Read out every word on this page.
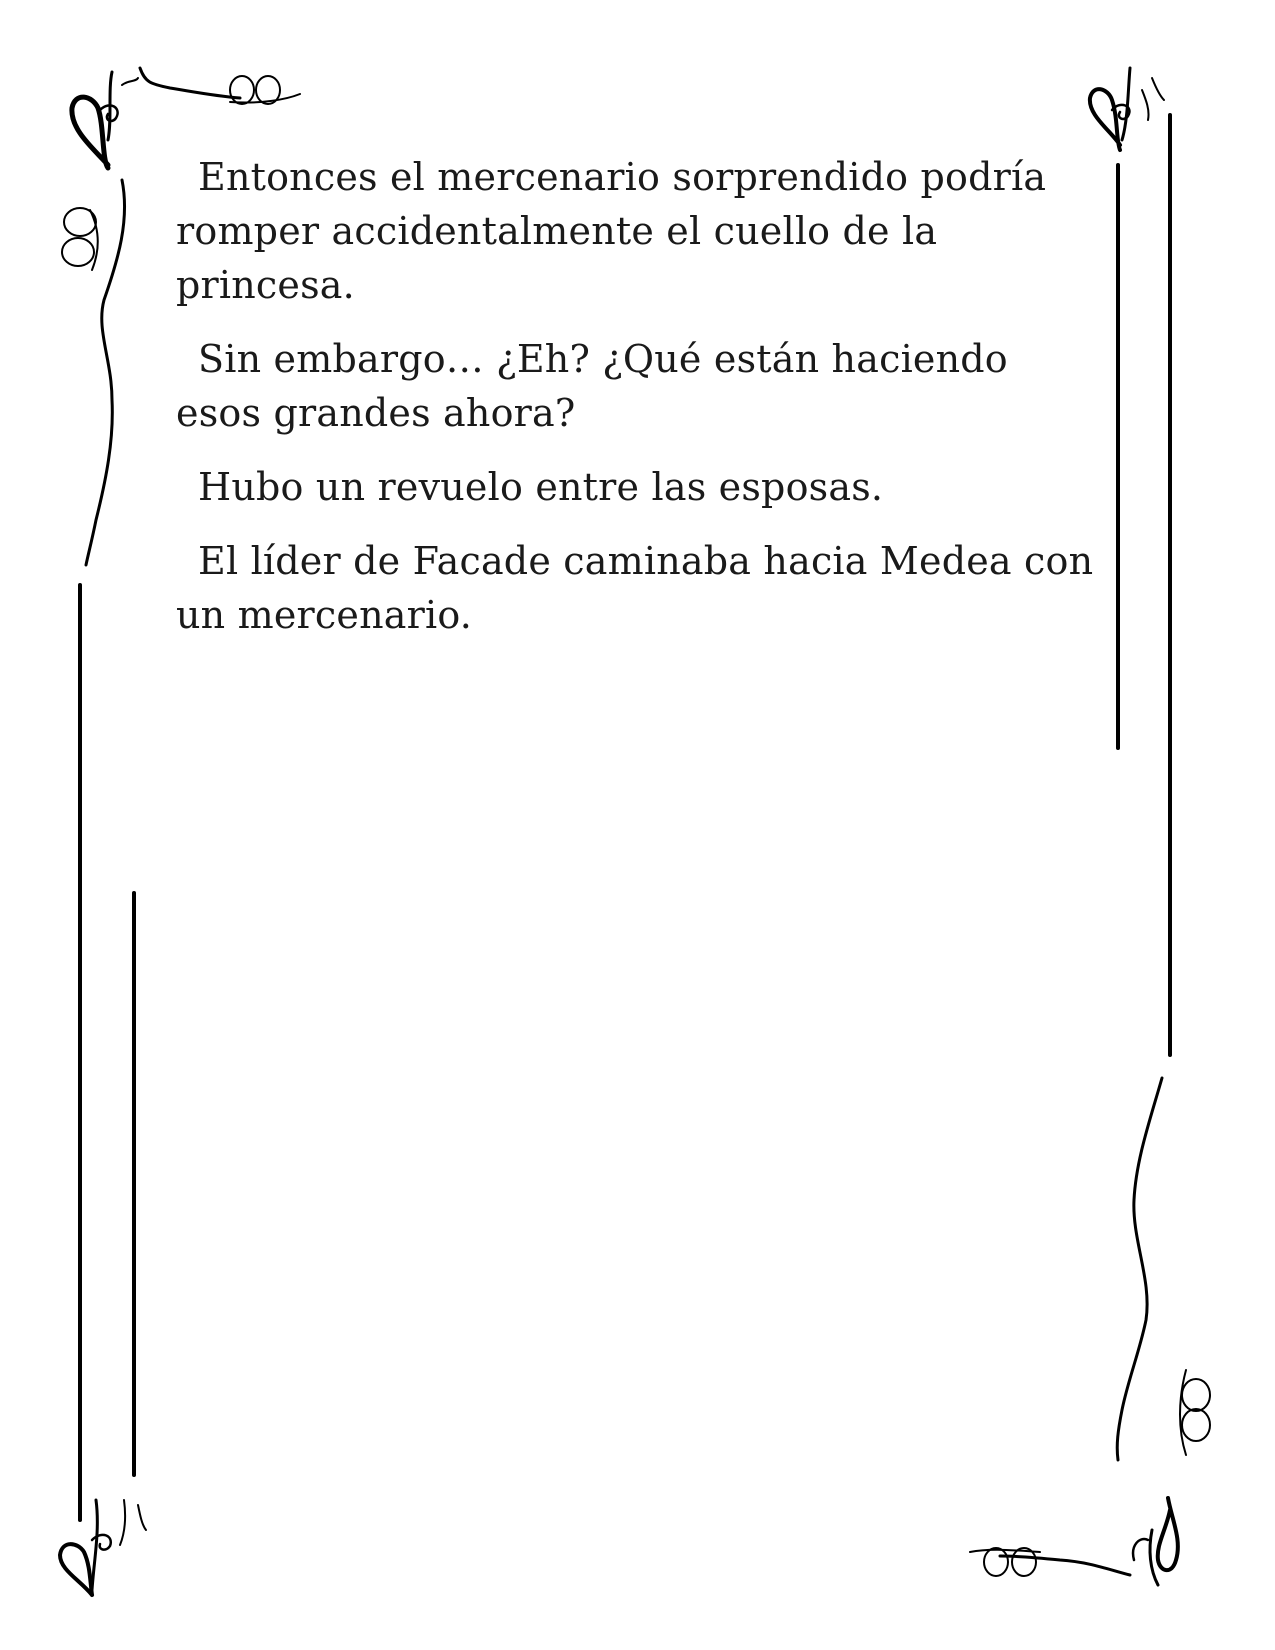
Entonces el mercenario sorprendido podría romper accidentalmente el cuello de la princesa.

Sin embargo… ¿Eh? ¿Qué están haciendo esos grandes ahora?

Hubo un revuelo entre las esposas.

El líder de Facade caminaba hacia Medea con un mercenario.
